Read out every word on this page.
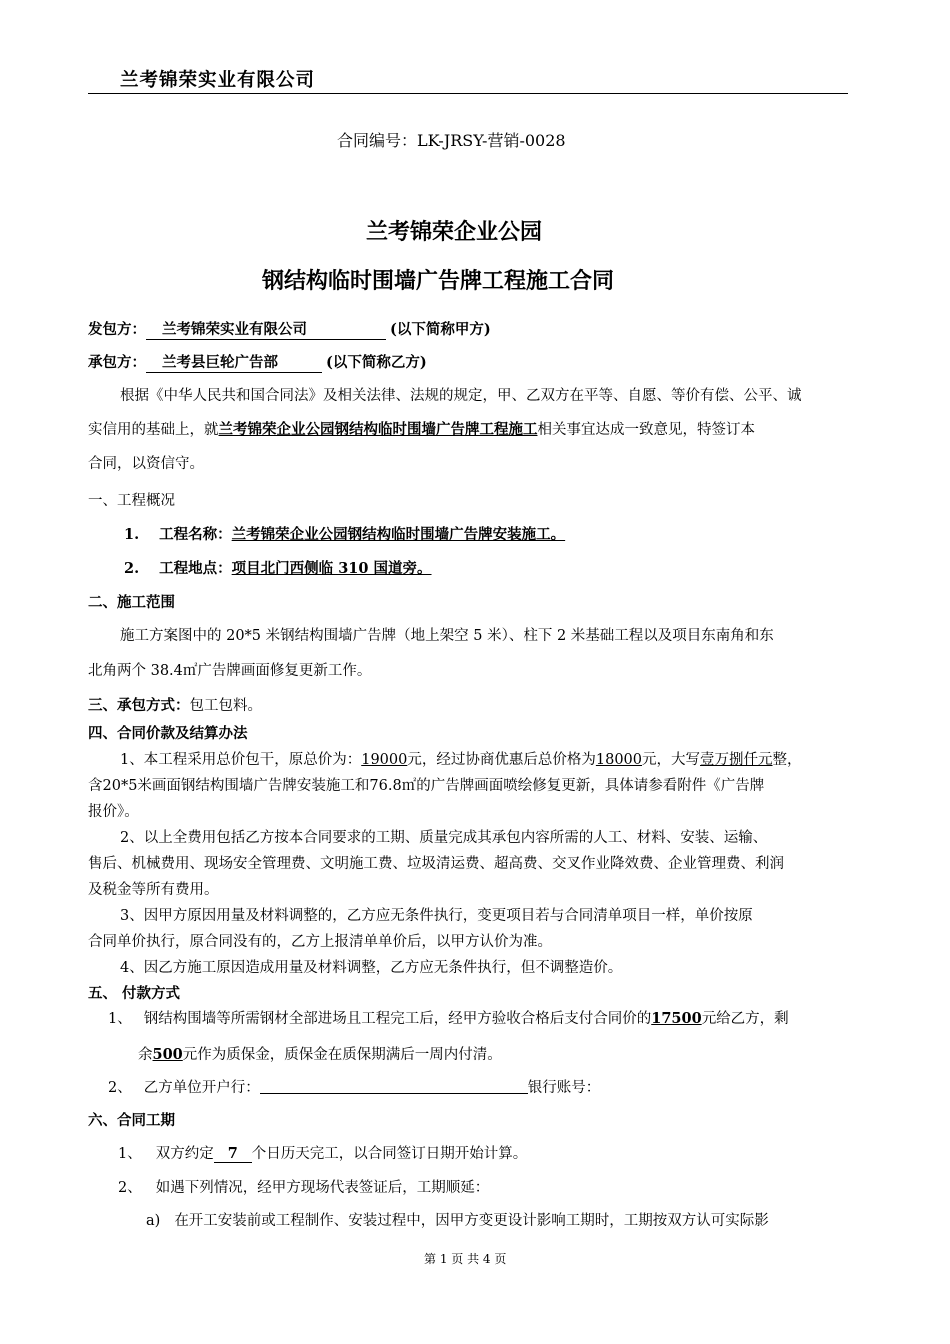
兰考锦荣实业有限公司
合同编号：LK-JRSY-营销-0028
兰考锦荣企业公园
钢结构临时围墙广告牌工程施工合同
发包方： 兰考锦荣实业有限公司	(以下简称甲方)
承包方： 兰考县巨轮广告部	(以下简称乙方)
根据《中华人民共和国合同法》及相关法律、法规的规定，甲、乙双方在平等、自愿、等价有偿、公平、诚
实信用的基础上，就兰考锦荣企业公园钢结构临时围墙广告牌工程施工相关事宜达成一致意见，特签订本
合同，以资信守。
一、工程概况
1. 工程名称：兰考锦荣企业公园钢结构临时围墙广告牌安装施工。
2. 工程地点：项目北门西侧临 310 国道旁。
二、施工范围
施工方案图中的 20*5 米钢结构围墙广告牌（地上架空 5 米）、柱下 2 米基础工程以及项目东南角和东
北角两个 38.4㎡广告牌画面修复更新工作。
三、承包方式：包工包料。
四、合同价款及结算办法
1、本工程采用总价包干，原总价为：19000元，经过协商优惠后总价格为18000元，大写壹万捌仟元整，
含20*5米画面钢结构围墙广告牌安装施工和76.8㎡的广告牌画面喷绘修复更新，具体请参看附件《广告牌
报价》。
2、以上全费用包括乙方按本合同要求的工期、质量完成其承包内容所需的人工、材料、安装、运输、
售后、机械费用、现场安全管理费、文明施工费、垃圾清运费、超高费、交叉作业降效费、企业管理费、利润
及税金等所有费用。
3、因甲方原因用量及材料调整的，乙方应无条件执行，变更项目若与合同清单项目一样，单价按原
合同单价执行，原合同没有的，乙方上报清单单价后，以甲方认价为准。
4、因乙方施工原因造成用量及材料调整，乙方应无条件执行，但不调整造价。
五、 付款方式
1、 钢结构围墙等所需钢材全部进场且工程完工后，经甲方验收合格后支付合同价的17500元给乙方，剩
余500元作为质保金，质保金在质保期满后一周内付清。
2、 乙方单位开户行：	银行账号：
六、合同工期
1、 双方约定 7 个日历天完工，以合同签订日期开始计算。
2、 如遇下列情况，经甲方现场代表签证后，工期顺延：
a) 在开工安装前或工程制作、安装过程中，因甲方变更设计影响工期时，工期按双方认可实际影
第 1 页 共 4 页
